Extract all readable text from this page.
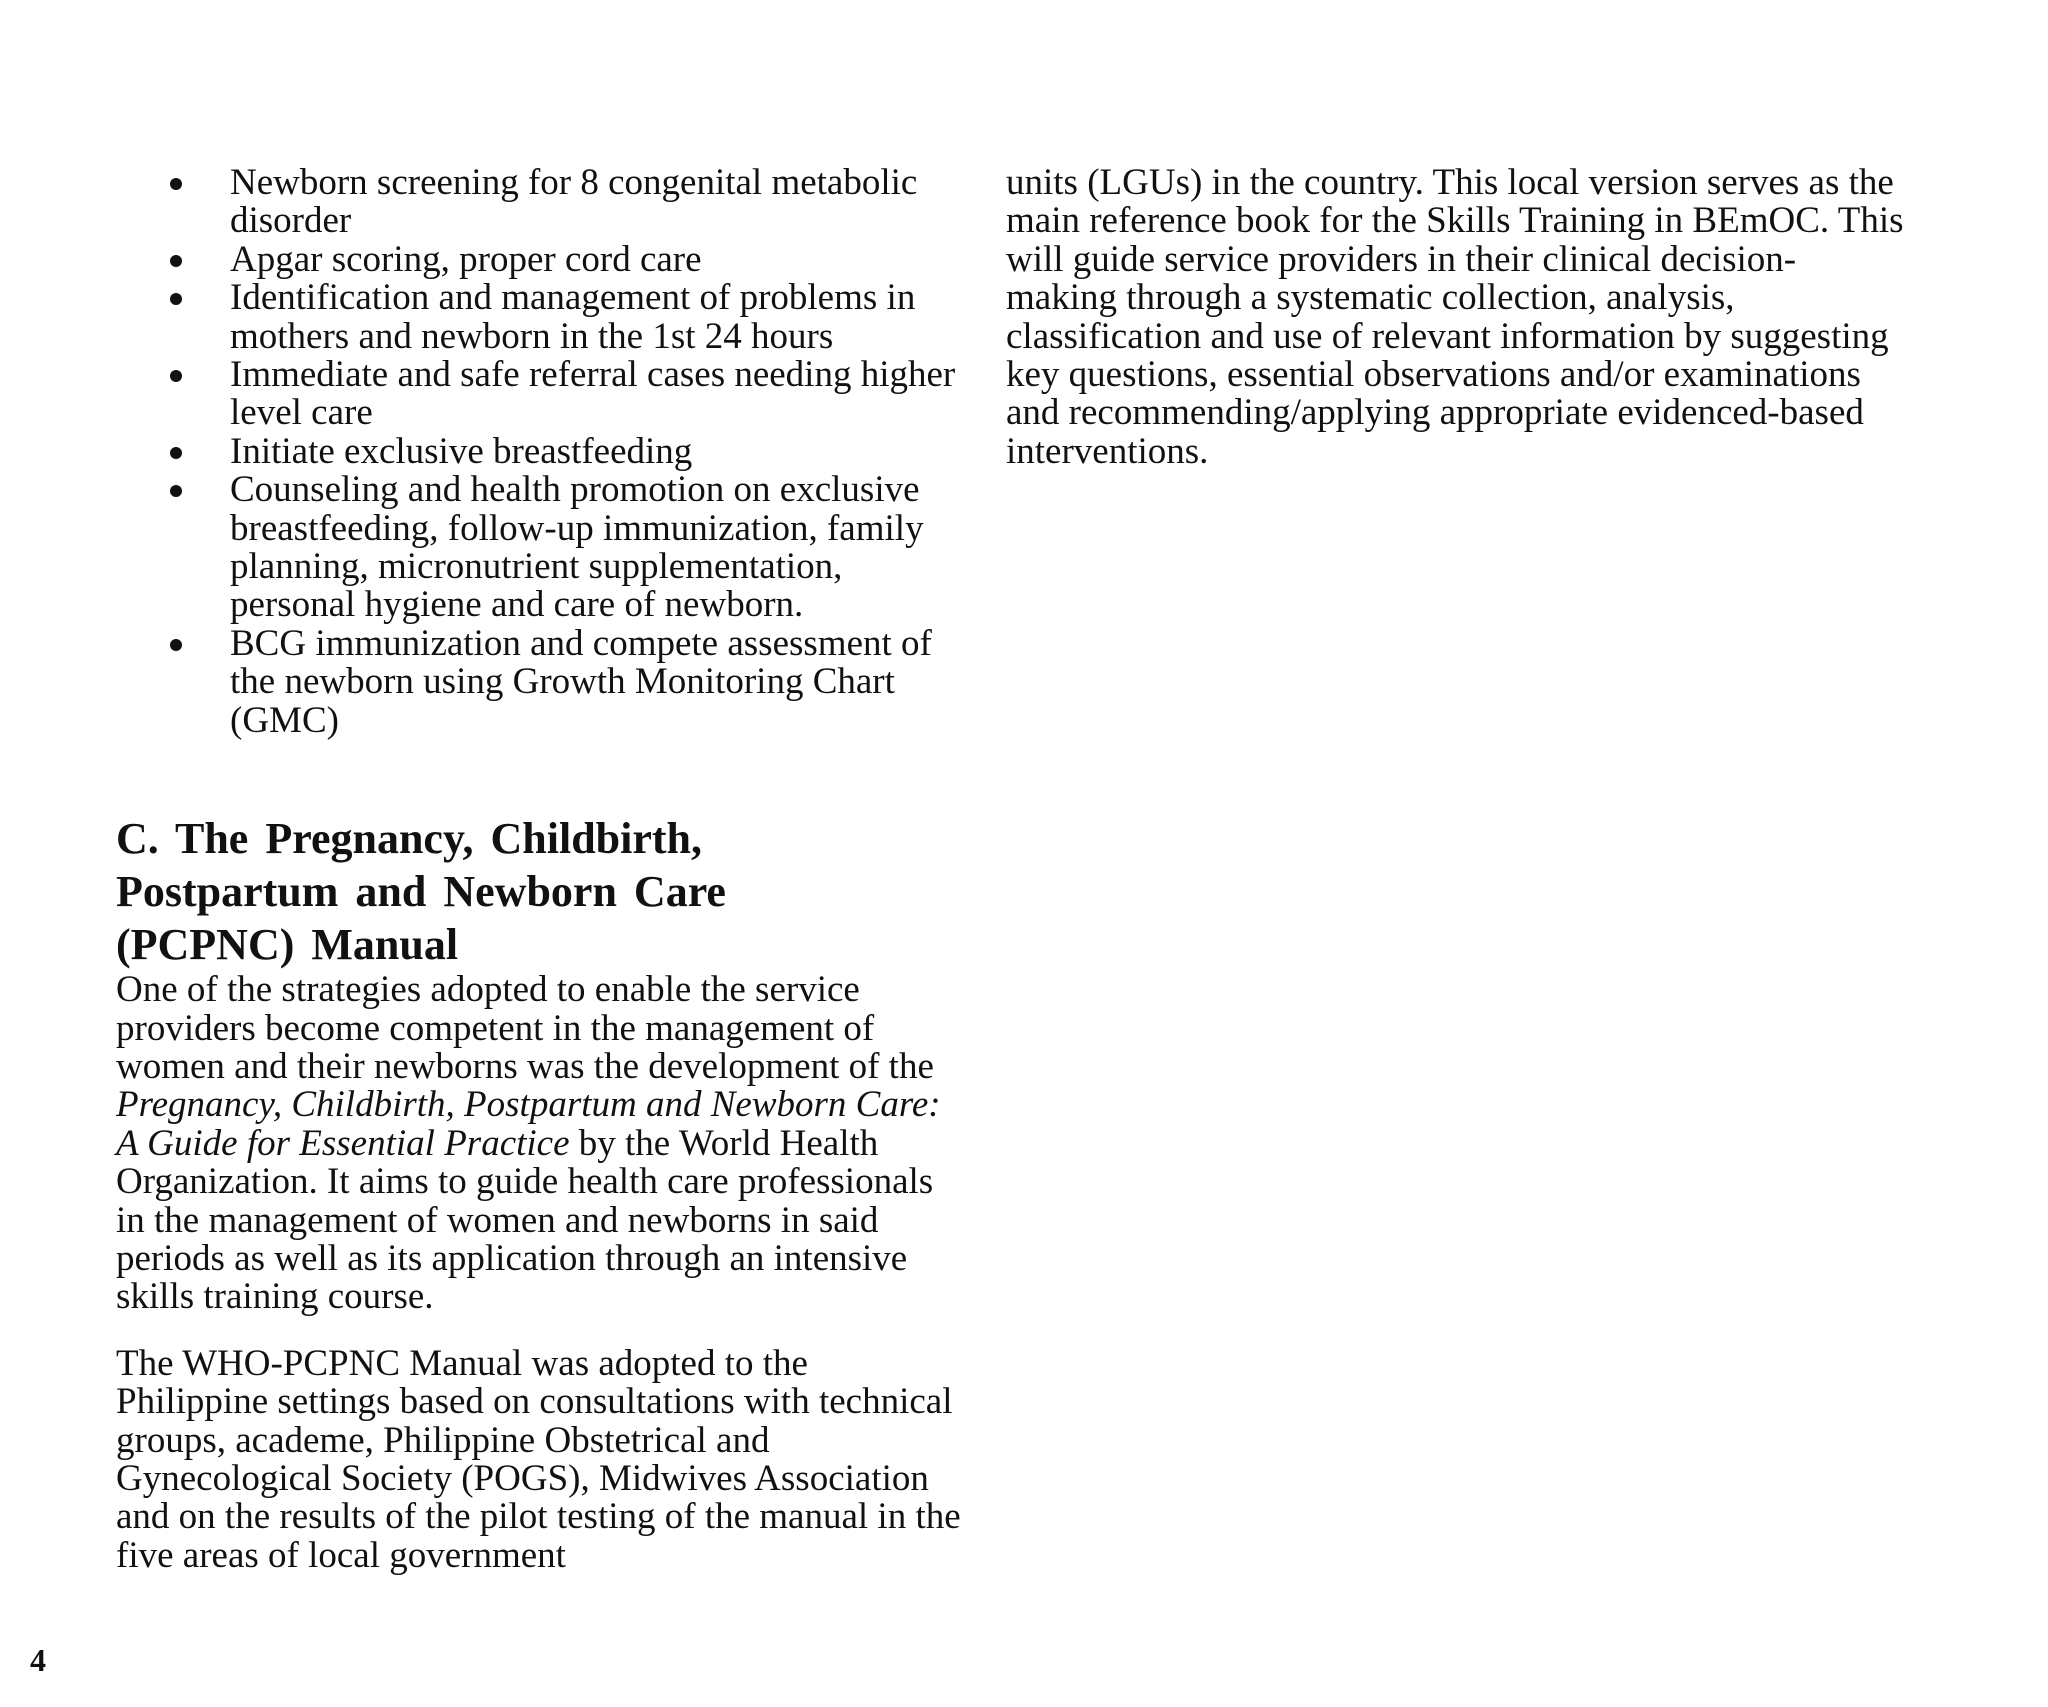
Newborn screening for 8 congenital metabolic disorder
Apgar scoring, proper cord care
Identification and management of problems in mothers and newborn in the 1st 24 hours
Immediate and safe referral cases needing higher level care
Initiate exclusive breastfeeding
Counseling and health promotion on exclusive breastfeeding, follow-up immunization, family planning, micronutrient supplementation, personal hygiene and care of newborn.
BCG immunization and compete assessment of the newborn using Growth Monitoring Chart (GMC)
C. The Pregnancy, Childbirth,
Postpartum and Newborn Care
(PCPNC) Manual

One of the strategies adopted to enable the service providers become competent in the management of women and their newborns was the development of the Pregnancy, Childbirth, Postpartum and Newborn Care: A Guide for Essential Practice by the World Health Organization. It aims to guide health care professionals in the management of women and newborns in said periods as well as its application through an intensive skills training course.

The WHO-PCPNC Manual was adopted to the Philippine settings based on consultations with technical groups, academe, Philippine Obstetrical and Gynecological Society (POGS), Midwives Association and on the results of the pilot testing of the manual in the five areas of local government

units (LGUs) in the country. This local version serves as the main reference book for the Skills Training in BEmOC. This will guide service providers in their clinical decision-making through a systematic collection, analysis, classification and use of relevant information by suggesting key questions, essential observations and/or examinations and recommending/applying appropriate evidenced-based interventions.

4
